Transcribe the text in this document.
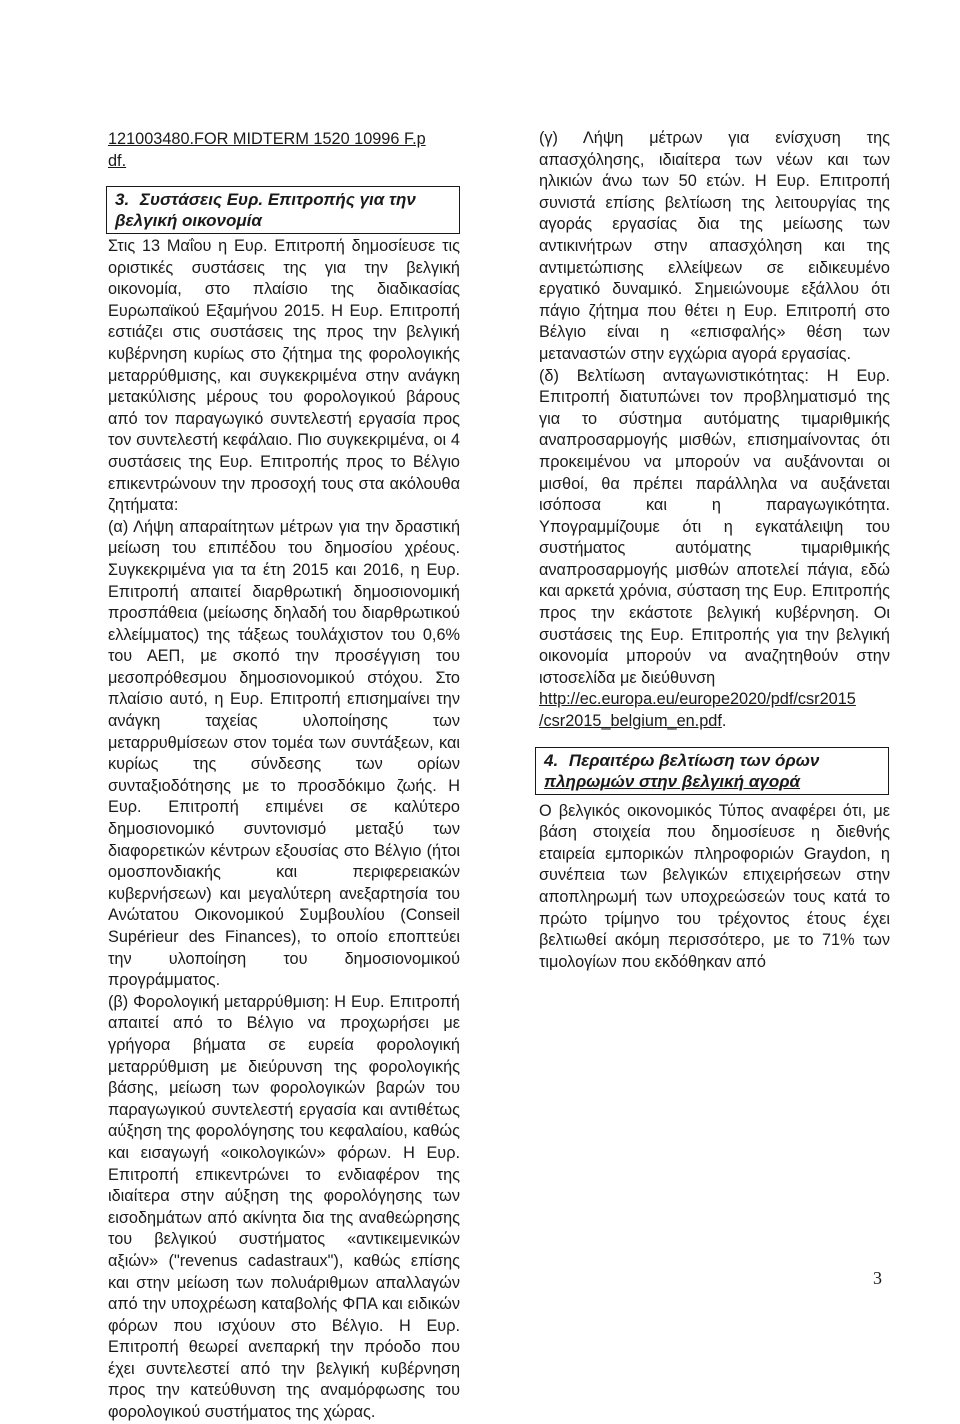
121003480.FOR MIDTERM 1520 10996 F.p

df.

3. Συστάσεις Ευρ. Επιτροπής για την
βελγική οικονομία

Στις 13 Μαΐου η Ευρ. Επιτροπή δημοσίευσε τις οριστικές συστάσεις της για την βελγική οικονομία, στο πλαίσιο της διαδικασίας Ευρωπαϊκού Εξαμήνου 2015. Η Ευρ. Επιτροπή εστιάζει στις συστάσεις της προς την βελγική κυβέρνηση κυρίως στο ζήτημα της φορολογικής μεταρρύθμισης, και συγκεκριμένα στην ανάγκη μετακύλισης μέρους του φορολογικού βάρους από τον παραγωγικό συντελεστή εργασία προς τον συντελεστή κεφάλαιο. Πιο συγκεκριμένα, οι 4 συστάσεις της Ευρ. Επιτροπής προς το Βέλγιο επικεντρώνουν την προσοχή τους στα ακόλουθα ζητήματα:

(α) Λήψη απαραίτητων μέτρων για την δραστική μείωση του επιπέδου του δημοσίου χρέους. Συγκεκριμένα για τα έτη 2015 και 2016, η Ευρ. Επιτροπή απαιτεί διαρθρωτική δημοσιονομική προσπάθεια (μείωσης δηλαδή του διαρθρωτικού ελλείμματος) της τάξεως τουλάχιστον του 0,6% του ΑΕΠ, με σκοπό την προσέγγιση του μεσοπρόθεσμου δημοσιονομικού στόχου. Στο πλαίσιο αυτό, η Ευρ. Επιτροπή επισημαίνει την ανάγκη ταχείας υλοποίησης των μεταρρυθμίσεων στον τομέα των συντάξεων, και κυρίως της σύνδεσης των ορίων συνταξιοδότησης με το προσδόκιμο ζωής. Η Ευρ. Επιτροπή επιμένει σε καλύτερο δημοσιονομικό συντονισμό μεταξύ των διαφορετικών κέντρων εξουσίας στο Βέλγιο (ήτοι ομοσπονδιακής και περιφερειακών κυβερνήσεων) και μεγαλύτερη ανεξαρτησία του Ανώτατου Οικονομικού Συμβουλίου (Conseil Supérieur des Finances), το οποίο εποπτεύει την υλοποίηση του δημοσιονομικού προγράμματος.

(β) Φορολογική μεταρρύθμιση: Η Ευρ. Επιτροπή απαιτεί από το Βέλγιο να προχωρήσει με γρήγορα βήματα σε ευρεία φορολογική μεταρρύθμιση με διεύρυνση της φορολογικής βάσης, μείωση των φορολογικών βαρών του παραγωγικού συντελεστή εργασία και αντιθέτως αύξηση της φορολόγησης του κεφαλαίου, καθώς και εισαγωγή «οικολογικών» φόρων. Η Ευρ. Επιτροπή επικεντρώνει το ενδιαφέρον της ιδιαίτερα στην αύξηση της φορολόγησης των εισοδημάτων από ακίνητα δια της αναθεώρησης του βελγικού συστήματος «αντικειμενικών αξιών» ("revenus cadastraux"), καθώς επίσης και στην μείωση των πολυάριθμων απαλλαγών από την υποχρέωση καταβολής ΦΠΑ και ειδικών φόρων που ισχύουν στο Βέλγιο. Η Ευρ. Επιτροπή θεωρεί ανεπαρκή την πρόοδο που έχει συντελεστεί από την βελγική κυβέρνηση προς την κατεύθυνση της αναμόρφωσης του φορολογικού συστήματος της χώρας.

(γ) Λήψη μέτρων για ενίσχυση της απασχόλησης, ιδιαίτερα των νέων και των ηλικιών άνω των 50 ετών. Η Ευρ. Επιτροπή συνιστά επίσης βελτίωση της λειτουργίας της αγοράς εργασίας δια της μείωσης των αντικινήτρων στην απασχόληση και της αντιμετώπισης ελλείψεων σε ειδικευμένο εργατικό δυναμικό. Σημειώνουμε εξάλλου ότι πάγιο ζήτημα που θέτει η Ευρ. Επιτροπή στο Βέλγιο είναι η «επισφαλής» θέση των μεταναστών στην εγχώρια αγορά εργασίας.

(δ) Βελτίωση ανταγωνιστικότητας: Η Ευρ. Επιτροπή διατυπώνει τον προβληματισμό της για το σύστημα αυτόματης τιμαριθμικής αναπροσαρμογής μισθών, επισημαίνοντας ότι προκειμένου να μπορούν να αυξάνονται οι μισθοί, θα πρέπει παράλληλα να αυξάνεται ισόποσα και η παραγωγικότητα. Υπογραμμίζουμε ότι η εγκατάλειψη του συστήματος αυτόματης τιμαριθμικής αναπροσαρμογής μισθών αποτελεί πάγια, εδώ και αρκετά χρόνια, σύσταση της Ευρ. Επιτροπής προς την εκάστοτε βελγική κυβέρνηση. Οι συστάσεις της Ευρ. Επιτροπής για την βελγική οικονομία μπορούν να αναζητηθούν στην ιστοσελίδα με διεύθυνση

http://ec.europa.eu/europe2020/pdf/csr2015
/csr2015_belgium_en.pdf.

4. Περαιτέρω βελτίωση των όρων
πληρωμών στην βελγική αγορά

Ο βελγικός οικονομικός Τύπος αναφέρει ότι, με βάση στοιχεία που δημοσίευσε η διεθνής εταιρεία εμπορικών πληροφοριών Graydon, η συνέπεια των βελγικών επιχειρήσεων στην αποπληρωμή των υποχρεώσεών τους κατά το πρώτο τρίμηνο του τρέχοντος έτους έχει βελτιωθεί ακόμη περισσότερο, με το 71% των τιμολογίων που εκδόθηκαν από

3
